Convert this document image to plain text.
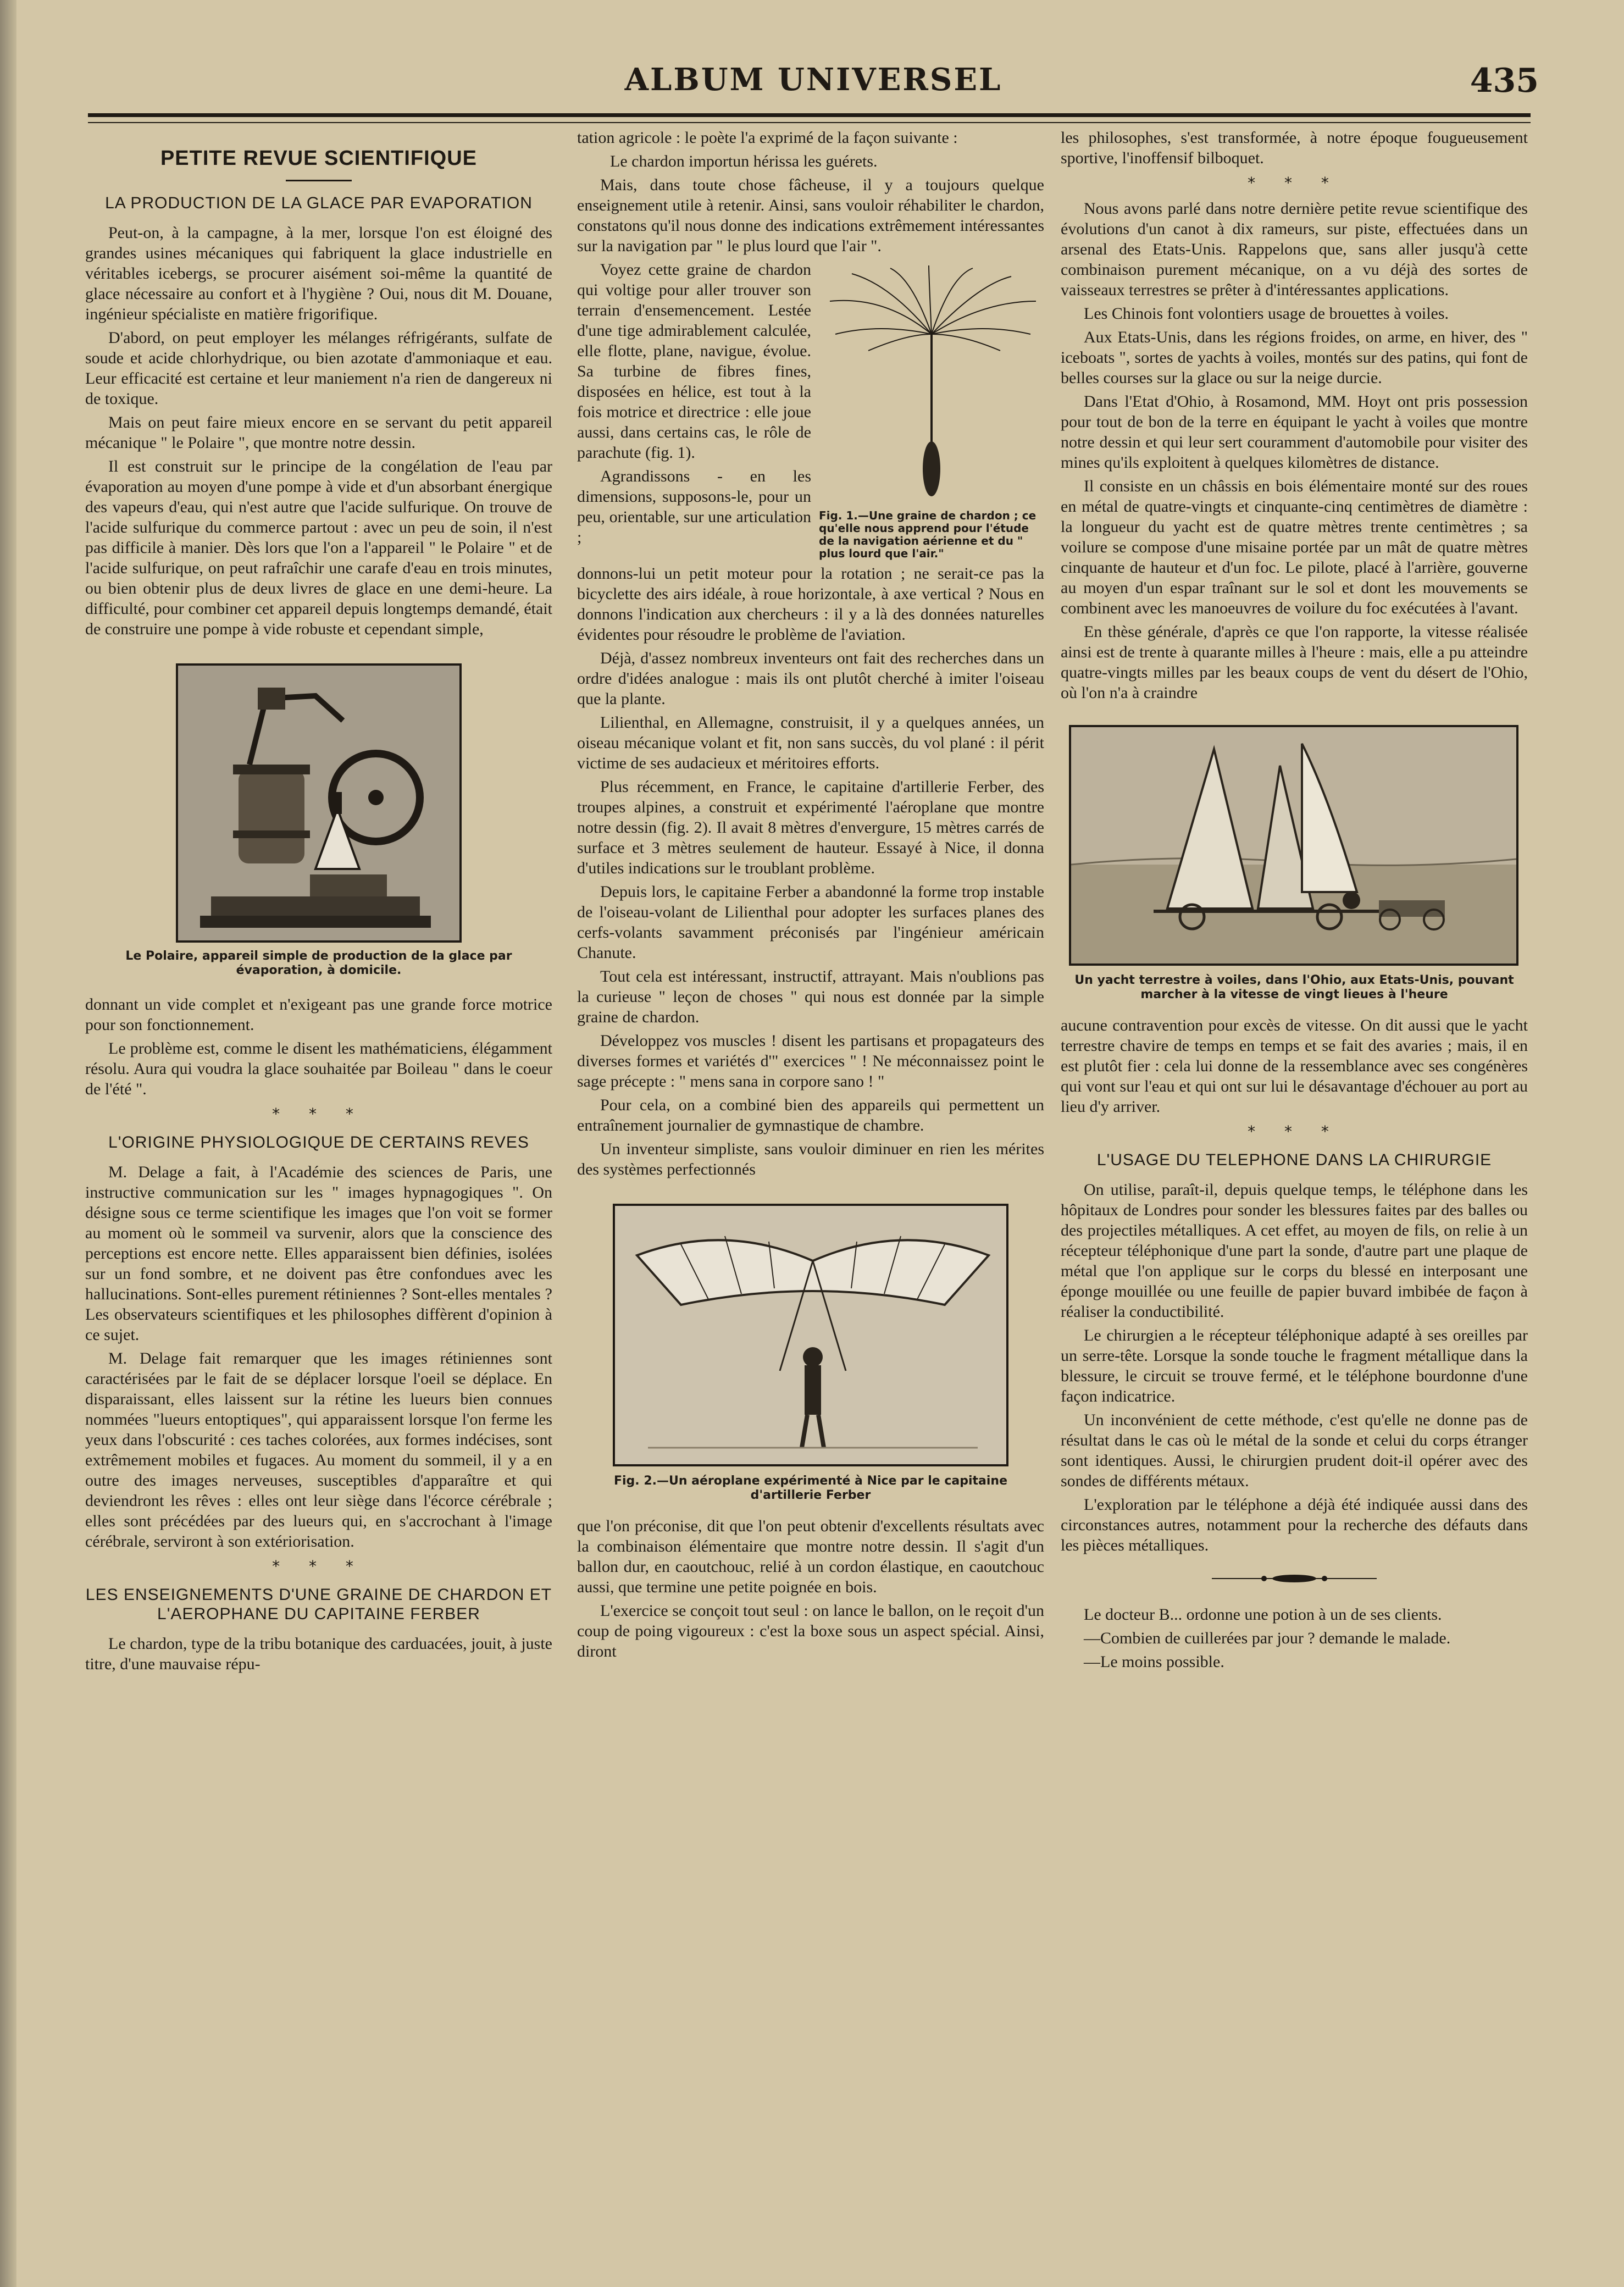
ALBUM UNIVERSEL	435
PETITE REVUE SCIENTIFIQUE
LA PRODUCTION DE LA GLACE PAR EVAPORATION

Peut-on, à la campagne, à la mer, lorsque l'on est éloigné des grandes usines mécaniques qui fabriquent la glace industrielle en véritables icebergs, se procurer aisément soi-même la quantité de glace nécessaire au confort et à l'hygiène ? Oui, nous dit M. Douane, ingénieur spécialiste en matière frigorifique.

D'abord, on peut employer les mélanges réfrigérants, sulfate de soude et acide chlorhydrique, ou bien azotate d'ammoniaque et eau. Leur efficacité est certaine et leur maniement n'a rien de dangereux ni de toxique.

Mais on peut faire mieux encore en se servant du petit appareil mécanique " le Polaire ", que montre notre dessin.

Il est construit sur le principe de la congélation de l'eau par évaporation au moyen d'une pompe à vide et d'un absorbant énergique des vapeurs d'eau, qui n'est autre que l'acide sulfurique. On trouve de l'acide sulfurique du commerce partout : avec un peu de soin, il n'est pas difficile à manier. Dès lors que l'on a l'appareil " le Polaire " et de l'acide sulfurique, on peut rafraîchir une carafe d'eau en trois minutes, ou bien obtenir plus de deux livres de glace en une demi-heure. La difficulté, pour combiner cet appareil depuis longtemps demandé, était de construire une pompe à vide robuste et cependant simple,

Le Polaire, appareil simple de production de la glace par évaporation, à domicile.

donnant un vide complet et n'exigeant pas une grande force motrice pour son fonctionnement.

Le problème est, comme le disent les mathématiciens, élégamment résolu. Aura qui voudra la glace souhaitée par Boileau " dans le coeur de l'été ".

* * *
L'ORIGINE PHYSIOLOGIQUE DE CERTAINS REVES

M. Delage a fait, à l'Académie des sciences de Paris, une instructive communication sur les " images hypnagogiques ". On désigne sous ce terme scientifique les images que l'on voit se former au moment où le sommeil va survenir, alors que la conscience des perceptions est encore nette. Elles apparaissent bien définies, isolées sur un fond sombre, et ne doivent pas être confondues avec les hallucinations. Sont-elles purement rétiniennes ? Sont-elles mentales ? Les observateurs scientifiques et les philosophes diffèrent d'opinion à ce sujet.

M. Delage fait remarquer que les images rétiniennes sont caractérisées par le fait de se déplacer lorsque l'oeil se déplace. En disparaissant, elles laissent sur la rétine les lueurs bien connues nommées "lueurs entoptiques", qui apparaissent lorsque l'on ferme les yeux dans l'obscurité : ces taches colorées, aux formes indécises, sont extrêmement mobiles et fugaces. Au moment du sommeil, il y a en outre des images nerveuses, susceptibles d'apparaître et qui deviendront les rêves : elles ont leur siège dans l'écorce cérébrale ; elles sont précédées par des lueurs qui, en s'accrochant à l'image cérébrale, serviront à son extériorisation.

* * *
LES ENSEIGNEMENTS D'UNE GRAINE DE CHARDON ET L'AEROPHANE DU CAPITAINE FERBER

Le chardon, type de la tribu botanique des carduacées, jouit, à juste titre, d'une mauvaise répu-

tation agricole : le poète l'a exprimé de la façon suivante :

Le chardon importun hérissa les guérets.

Mais, dans toute chose fâcheuse, il y a toujours quelque enseignement utile à retenir. Ainsi, sans vouloir réhabiliter le chardon, constatons qu'il nous donne des indications extrêmement intéressantes sur la navigation par " le plus lourd que l'air ".

Fig. 1.—Une graine de chardon ; ce qu'elle nous apprend pour l'étude de la navigation aérienne et du " plus lourd que l'air."

Voyez cette graine de chardon qui voltige pour aller trouver son terrain d'ensemencement. Lestée d'une tige admirablement calculée, elle flotte, plane, navigue, évolue. Sa turbine de fibres fines, disposées en hélice, est tout à la fois motrice et directrice : elle joue aussi, dans certains cas, le rôle de parachute (fig. 1).

Agrandissons - en les dimensions, supposons-le, pour un peu, orientable, sur une articulation ;

donnons-lui un petit moteur pour la rotation ; ne serait-ce pas la bicyclette des airs idéale, à roue horizontale, à axe vertical ? Nous en donnons l'indication aux chercheurs : il y a là des données naturelles évidentes pour résoudre le problème de l'aviation.

Déjà, d'assez nombreux inventeurs ont fait des recherches dans un ordre d'idées analogue : mais ils ont plutôt cherché à imiter l'oiseau que la plante.

Lilienthal, en Allemagne, construisit, il y a quelques années, un oiseau mécanique volant et fit, non sans succès, du vol plané : il périt victime de ses audacieux et méritoires efforts.

Plus récemment, en France, le capitaine d'artillerie Ferber, des troupes alpines, a construit et expérimenté l'aéroplane que montre notre dessin (fig. 2). Il avait 8 mètres d'envergure, 15 mètres carrés de surface et 3 mètres seulement de hauteur. Essayé à Nice, il donna d'utiles indications sur le troublant problème.

Depuis lors, le capitaine Ferber a abandonné la forme trop instable de l'oiseau-volant de Lilienthal pour adopter les surfaces planes des cerfs-volants savamment préconisés par l'ingénieur américain Chanute.

Tout cela est intéressant, instructif, attrayant. Mais n'oublions pas la curieuse " leçon de choses " qui nous est donnée par la simple graine de chardon.

Développez vos muscles ! disent les partisans et propagateurs des diverses formes et variétés d'" exercices " ! Ne méconnaissez point le sage précepte : " mens sana in corpore sano ! "

Pour cela, on a combiné bien des appareils qui permettent un entraînement journalier de gymnastique de chambre.

Un inventeur simpliste, sans vouloir diminuer en rien les mérites des systèmes perfectionnés

Fig. 2.—Un aéroplane expérimenté à Nice par le capitaine d'artillerie Ferber

que l'on préconise, dit que l'on peut obtenir d'excellents résultats avec la combinaison élémentaire que montre notre dessin. Il s'agit d'un ballon dur, en caoutchouc, relié à un cordon élastique, en caoutchouc aussi, que termine une petite poignée en bois.

L'exercice se conçoit tout seul : on lance le ballon, on le reçoit d'un coup de poing vigoureux : c'est la boxe sous un aspect spécial. Ainsi, diront

les philosophes, s'est transformée, à notre époque fougueusement sportive, l'inoffensif bilboquet.

* * *

Nous avons parlé dans notre dernière petite revue scientifique des évolutions d'un canot à dix rameurs, sur piste, effectuées dans un arsenal des Etats-Unis. Rappelons que, sans aller jusqu'à cette combinaison purement mécanique, on a vu déjà des sortes de vaisseaux terrestres se prêter à d'intéressantes applications.

Les Chinois font volontiers usage de brouettes à voiles.

Aux Etats-Unis, dans les régions froides, on arme, en hiver, des " iceboats ", sortes de yachts à voiles, montés sur des patins, qui font de belles courses sur la glace ou sur la neige durcie.

Dans l'Etat d'Ohio, à Rosamond, MM. Hoyt ont pris possession pour tout de bon de la terre en équipant le yacht à voiles que montre notre dessin et qui leur sert couramment d'automobile pour visiter des mines qu'ils exploitent à quelques kilomètres de distance.

Il consiste en un châssis en bois élémentaire monté sur des roues en métal de quatre-vingts et cinquante-cinq centimètres de diamètre : la longueur du yacht est de quatre mètres trente centimètres ; sa voilure se compose d'une misaine portée par un mât de quatre mètres cinquante de hauteur et d'un foc. Le pilote, placé à l'arrière, gouverne au moyen d'un espar traînant sur le sol et dont les mouvements se combinent avec les manoeuvres de voilure du foc exécutées à l'avant.

En thèse générale, d'après ce que l'on rapporte, la vitesse réalisée ainsi est de trente à quarante milles à l'heure : mais, elle a pu atteindre quatre-vingts milles par les beaux coups de vent du désert de l'Ohio, où l'on n'a à craindre

Un yacht terrestre à voiles, dans l'Ohio, aux Etats-Unis, pouvant marcher à la vitesse de vingt lieues à l'heure

aucune contravention pour excès de vitesse. On dit aussi que le yacht terrestre chavire de temps en temps et se fait des avaries ; mais, il en est plutôt fier : cela lui donne de la ressemblance avec ses congénères qui vont sur l'eau et qui ont sur lui le désavantage d'échouer au port au lieu d'y arriver.

* * *
L'USAGE DU TELEPHONE DANS LA CHIRURGIE

On utilise, paraît-il, depuis quelque temps, le téléphone dans les hôpitaux de Londres pour sonder les blessures faites par des balles ou des projectiles métalliques. A cet effet, au moyen de fils, on relie à un récepteur téléphonique d'une part la sonde, d'autre part une plaque de métal que l'on applique sur le corps du blessé en interposant une éponge mouillée ou une feuille de papier buvard imbibée de façon à réaliser la conductibilité.

Le chirurgien a le récepteur téléphonique adapté à ses oreilles par un serre-tête. Lorsque la sonde touche le fragment métallique dans la blessure, le circuit se trouve fermé, et le téléphone bourdonne d'une façon indicatrice.

Un inconvénient de cette méthode, c'est qu'elle ne donne pas de résultat dans le cas où le métal de la sonde et celui du corps étranger sont identiques. Aussi, le chirurgien prudent doit-il opérer avec des sondes de différents métaux.

L'exploration par le téléphone a déjà été indiquée aussi dans des circonstances autres, notamment pour la recherche des défauts dans les pièces métalliques.

Le docteur B... ordonne une potion à un de ses clients.

—Combien de cuillerées par jour ? demande le malade.

—Le moins possible.
